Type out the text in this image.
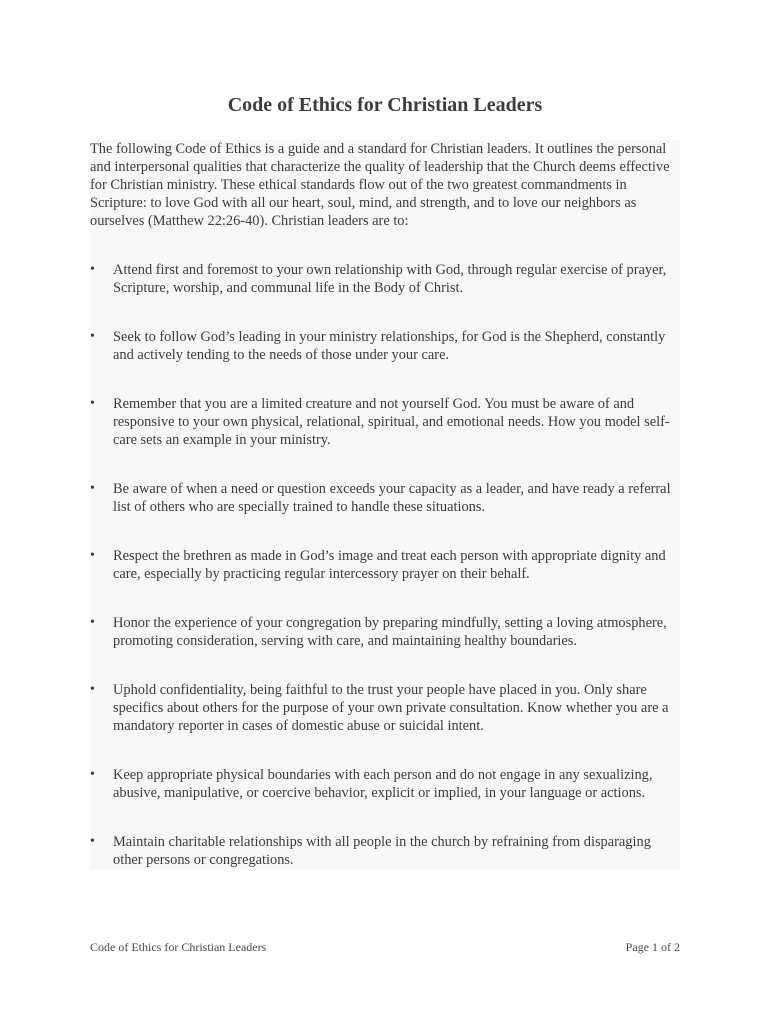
Code of Ethics for Christian Leaders

The following Code of Ethics is a guide and a standard for Christian leaders. It outlines the personal and interpersonal qualities that characterize the quality of leadership that the Church deems effective for Christian ministry. These ethical standards flow out of the two greatest commandments in Scripture: to love God with all our heart, soul, mind, and strength, and to love our neighbors as ourselves (Matthew 22:26-40). Christian leaders are to:

• Attend first and foremost to your own relationship with God, through regular exercise of prayer, Scripture, worship, and communal life in the Body of Christ.
• Seek to follow God’s leading in your ministry relationships, for God is the Shepherd, constantly and actively tending to the needs of those under your care.
• Remember that you are a limited creature and not yourself God. You must be aware of and responsive to your own physical, relational, spiritual, and emotional needs. How you model self-care sets an example in your ministry.
• Be aware of when a need or question exceeds your capacity as a leader, and have ready a referral list of others who are specially trained to handle these situations.
• Respect the brethren as made in God’s image and treat each person with appropriate dignity and care, especially by practicing regular intercessory prayer on their behalf.
• Honor the experience of your congregation by preparing mindfully, setting a loving atmosphere, promoting consideration, serving with care, and maintaining healthy boundaries.
• Uphold confidentiality, being faithful to the trust your people have placed in you. Only share specifics about others for the purpose of your own private consultation. Know whether you are a mandatory reporter in cases of domestic abuse or suicidal intent.
• Keep appropriate physical boundaries with each person and do not engage in any sexualizing, abusive, manipulative, or coercive behavior, explicit or implied, in your language or actions.
• Maintain charitable relationships with all people in the church by refraining from disparaging other persons or congregations.
Code of Ethics for Christian Leaders	Page 1 of 2
